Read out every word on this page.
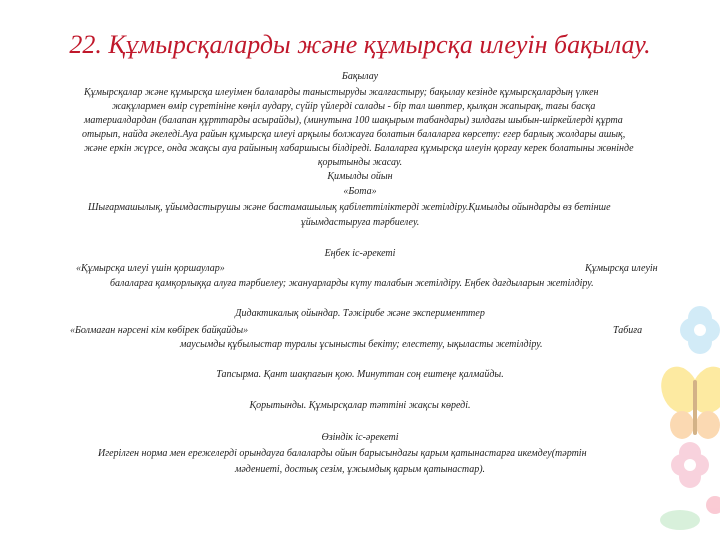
22. Құмырсқаларды және құмырсқа илеуін бақылау.
Бақылау
Құмырсқалар және құмырсқа илеуімен балаларды таныстыруды жалғастыру; бақылау кезінде құмырсқалардың үлкен
жақұлармен өмір сүретініне көңіл аудару, сүйір үйлерді салады - бір тал шөптер, қылқан жапырақ, тағы басқа
материалдардан (балапан құрттарды асырайды), (минутына 100 шақырым табандары) зилдағы шыбын-шіркейлерді құрта
отырып, найда әкеледі.Ауа райын құмырсқа илеуі арқылы болжауға болатын балаларға көрсету: егер барлық жолдары ашық,
және еркін жүрсе, онда жақсы ауа райының хабаршысы білдіреді. Балаларға құмырсқа илеуін қорғау керек болатыны жөнінде
қорытынды жасау.
Қимылды ойын
«Бота»
Шығармашылық, ұйымдастырушы және бастамашылық қабілеттіліктерді жетілдіру.Қимылды ойындарды өз бетінше
ұйымдастыруға тәрбиелеу.
Еңбек іс-әрекеті
«Құмырсқа илеуі үшін қоршаулар»	Құмырсқа илеуін
балаларға қамқорлыққа алуға тәрбиелеу; жануарларды күту талабын жетілдіру. Еңбек дағдыларын жетілдіру.
Дидактикалық ойындар. Тәжірибе және эксперименттер
«Болмаған нәрсені кім көбірек байқайды»	Табиға
маусымды құбылыстар туралы ұсынысты бекіту; елестету, ықыласты жетілдіру.
Тапсырма. Қант шақпағын қою. Минуттан соң ештеңе қалмайды.
Қорытынды. Құмырсқалар тәттіні жақсы көреді.
Өзіндік іс-әрекеті
Игерілген норма мен ережелерді орындауға балаларды ойын барысындағы қарым қатынастарға икемдеу(тәртін
мәдениеті, достық сезім, ұжымдық қарым қатынастар).
